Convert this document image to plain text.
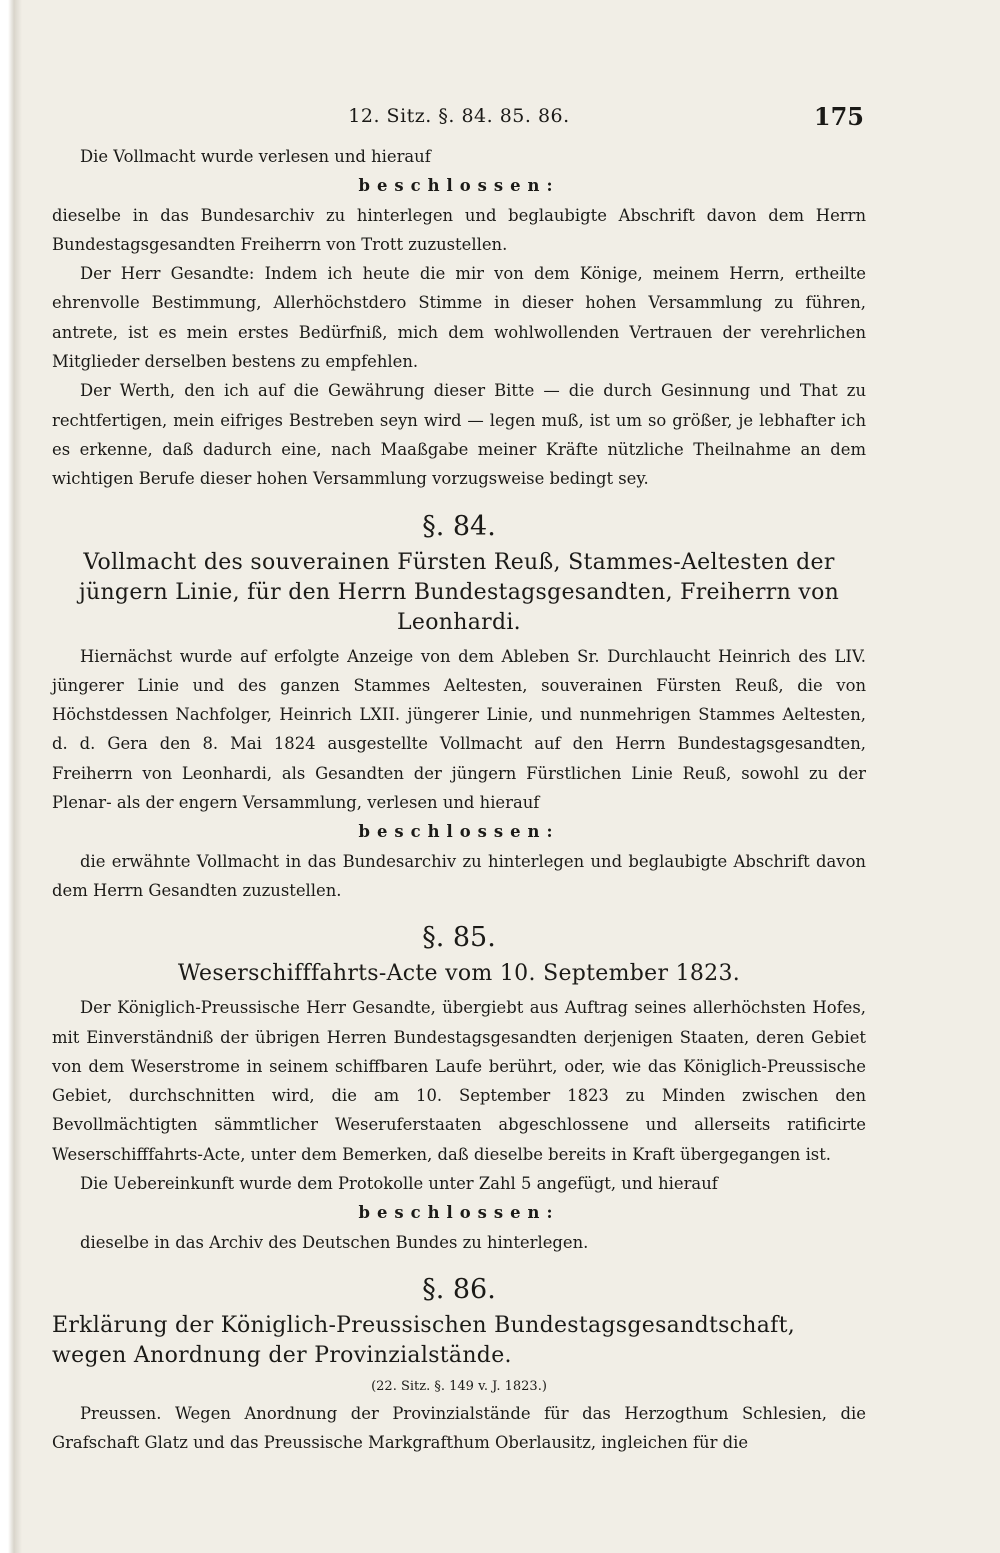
12. Sitz. §. 84. 85. 86.	175

Die Vollmacht wurde verlesen und hierauf

beschlossen:

dieselbe in das Bundesarchiv zu hinterlegen und beglaubigte Abschrift davon dem Herrn Bundestagsgesandten Freiherrn von Trott zuzustellen.

Der Herr Gesandte: Indem ich heute die mir von dem Könige, meinem Herrn, ertheilte ehrenvolle Bestimmung, Allerhöchstdero Stimme in dieser hohen Versammlung zu führen, antrete, ist es mein erstes Bedürfniß, mich dem wohlwollenden Vertrauen der verehrlichen Mitglieder derselben bestens zu empfehlen.

Der Werth, den ich auf die Gewährung dieser Bitte — die durch Gesinnung und That zu rechtfertigen, mein eifriges Bestreben seyn wird — legen muß, ist um so größer, je lebhafter ich es erkenne, daß dadurch eine, nach Maaßgabe meiner Kräfte nützliche Theilnahme an dem wichtigen Berufe dieser hohen Versammlung vorzugsweise bedingt sey.

§. 84.
Vollmacht des souverainen Fürsten Reuß, Stammes-Aeltesten der jüngern Linie, für den Herrn Bundestagsgesandten, Freiherrn von Leonhardi.

Hiernächst wurde auf erfolgte Anzeige von dem Ableben Sr. Durchlaucht Heinrich des LIV. jüngerer Linie und des ganzen Stammes Aeltesten, souverainen Fürsten Reuß, die von Höchstdessen Nachfolger, Heinrich LXII. jüngerer Linie, und nunmehrigen Stammes Aeltesten, d. d. Gera den 8. Mai 1824 ausgestellte Vollmacht auf den Herrn Bundestagsgesandten, Freiherrn von Leonhardi, als Gesandten der jüngern Fürstlichen Linie Reuß, sowohl zu der Plenar- als der engern Versammlung, verlesen und hierauf

beschlossen:

die erwähnte Vollmacht in das Bundesarchiv zu hinterlegen und beglaubigte Abschrift davon dem Herrn Gesandten zuzustellen.

§. 85.
Weserschifffahrts-Acte vom 10. September 1823.

Der Königlich-Preussische Herr Gesandte, übergiebt aus Auftrag seines allerhöchsten Hofes, mit Einverständniß der übrigen Herren Bundestagsgesandten derjenigen Staaten, deren Gebiet von dem Weserstrome in seinem schiffbaren Laufe berührt, oder, wie das Königlich-Preussische Gebiet, durchschnitten wird, die am 10. September 1823 zu Minden zwischen den Bevollmächtigten sämmtlicher Weseruferstaaten abgeschlossene und allerseits ratificirte Weserschifffahrts-Acte, unter dem Bemerken, daß dieselbe bereits in Kraft übergegangen ist.

Die Uebereinkunft wurde dem Protokolle unter Zahl 5 angefügt, und hierauf

beschlossen:

dieselbe in das Archiv des Deutschen Bundes zu hinterlegen.

§. 86.
Erklärung der Königlich-Preussischen Bundestagsgesandtschaft, wegen Anordnung der Provinzialstände.
(22. Sitz. §. 149 v. J. 1823.)

Preussen. Wegen Anordnung der Provinzialstände für das Herzogthum Schlesien, die Grafschaft Glatz und das Preussische Markgrafthum Oberlausitz, ingleichen für die
